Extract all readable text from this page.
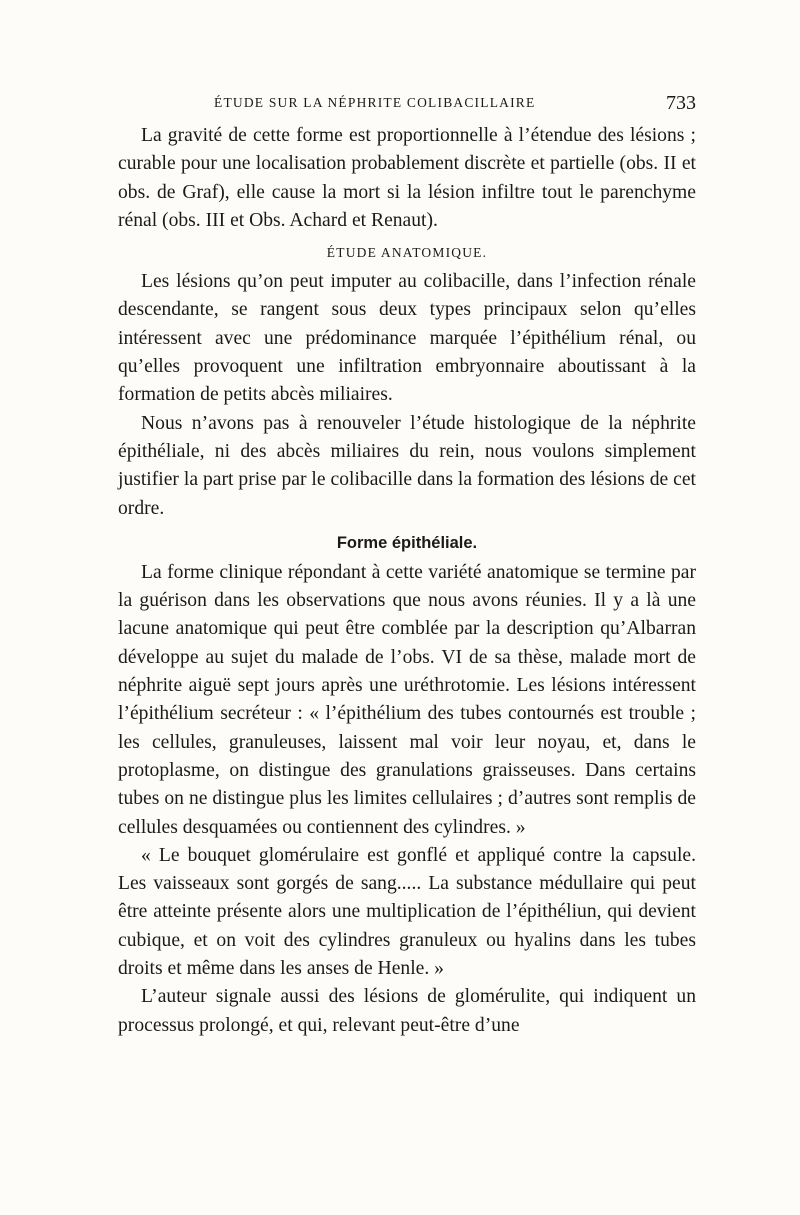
ÉTUDE SUR LA NÉPHRITE COLIBACILLAIRE	733

La gravité de cette forme est proportionnelle à l’étendue des lésions ; curable pour une localisation probablement discrète et partielle (obs. II et obs. de Graf), elle cause la mort si la lésion infiltre tout le parenchyme rénal (obs. III et Obs. Achard et Renaut).

ÉTUDE ANATOMIQUE.

Les lésions qu’on peut imputer au colibacille, dans l’infection rénale descendante, se rangent sous deux types principaux selon qu’elles intéressent avec une prédominance marquée l’épithélium rénal, ou qu’elles provoquent une infiltration embryonnaire aboutissant à la formation de petits abcès miliaires.

Nous n’avons pas à renouveler l’étude histologique de la néphrite épithéliale, ni des abcès miliaires du rein, nous voulons simplement justifier la part prise par le colibacille dans la formation des lésions de cet ordre.

Forme épithéliale.

La forme clinique répondant à cette variété anatomique se termine par la guérison dans les observations que nous avons réunies. Il y a là une lacune anatomique qui peut être comblée par la description qu’Albarran développe au sujet du malade de l’obs. VI de sa thèse, malade mort de néphrite aiguë sept jours après une uréthrotomie. Les lésions intéressent l’épithélium secréteur : « l’épithélium des tubes contournés est trouble ; les cellules, granuleuses, laissent mal voir leur noyau, et, dans le protoplasme, on distingue des granulations graisseuses. Dans certains tubes on ne distingue plus les limites cellulaires ; d’autres sont remplis de cellules desquamées ou contiennent des cylindres. »

« Le bouquet glomérulaire est gonflé et appliqué contre la capsule. Les vaisseaux sont gorgés de sang..... La substance médullaire qui peut être atteinte présente alors une multiplication de l’épithéliun, qui devient cubique, et on voit des cylindres granuleux ou hyalins dans les tubes droits et même dans les anses de Henle. »

L’auteur signale aussi des lésions de glomérulite, qui indiquent un processus prolongé, et qui, relevant peut-être d’une
